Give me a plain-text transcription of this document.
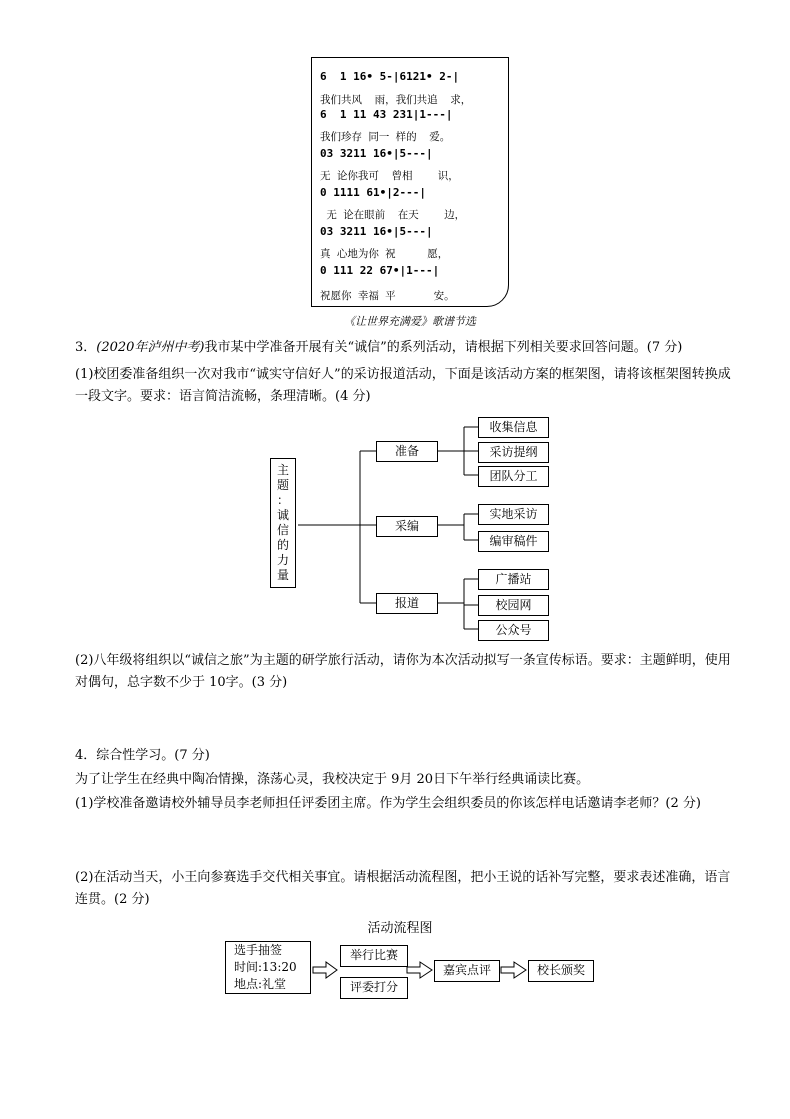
6  1 16• 5-|6121• 2-|
我们共风  雨，我们共追  求，
6  1 11 43 231|1---|
我们珍存 同一 样的  爱。
03 3211 16•|5---|
无 论你我可  曾相    识，
0 1111 61•|2---|
无 论在眼前  在天    边，
03 3211 16•|5---|
真 心地为你 祝     愿，
0 111 22 67•|1---|
祝愿你 幸福 平      安。
《让世界充满爱》歌谱节选
3．(2020年泸州中考)我市某中学准备开展有关“诚信”的系列活动，请根据下列相关要求回答问题。(7 分)
(1)校团委准备组织一次对我市“诚实守信好人”的采访报道活动，下面是该活动方案的框架图，请将该框架图转换成一段文字。要求：语言简洁流畅，条理清晰。(4 分)
主
题
：
诚
信
的
力
量
准备
采编
报道
收集信息
采访提纲
团队分工
实地采访
编审稿件
广播站
校园网
公众号
(2)八年级将组织以“诚信之旅”为主题的研学旅行活动，请你为本次活动拟写一条宣传标语。要求：主题鲜明，使用对偶句，总字数不少于 10字。(3 分)
4．综合性学习。(7 分)
为了让学生在经典中陶冶情操，涤荡心灵，我校决定于 9月 20日下午举行经典诵读比赛。
(1)学校准备邀请校外辅导员李老师担任评委团主席。作为学生会组织委员的你该怎样电话邀请李老师？(2 分)
(2)在活动当天，小王向参赛选手交代相关事宜。请根据活动流程图，把小王说的话补写完整，要求表述准确，语言连贯。(2 分)
活动流程图
选手抽签
时间:13:20
地点:礼堂
举行比赛
评委打分
嘉宾点评	校长颁奖
